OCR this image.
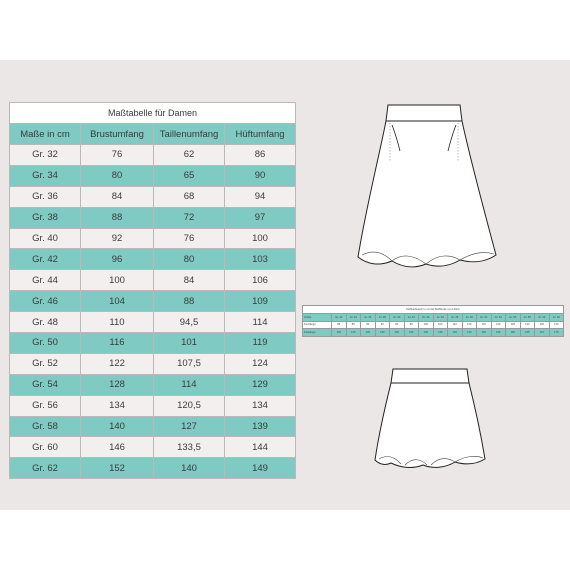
Maßtabelle für Damen			
Maße in cm	Brustumfang	Taillenumfang	Hüftumfang
Gr. 32	76	62	86
Gr. 34	80	65	90
Gr. 36	84	68	94
Gr. 38	88	72	97
Gr. 40	92	76	100
Gr. 42	96	80	103
Gr. 44	100	84	106
Gr. 46	104	88	109
Gr. 48	110	94,5	114
Gr. 50	116	101	119
Gr. 52	122	107,5	124
Gr. 54	128	114	129
Gr. 56	134	120,5	134
Gr. 58	140	127	139
Gr. 60	146	133,5	144
Gr. 62	152	140	149
Stoffverbrauch in cm bei Stoffbreite von 140cm																
Größe	Gr. 32	Gr. 34	Gr. 36	Gr. 38	Gr. 40	Gr. 42	Gr. 44	Gr. 46	Gr. 48	Gr. 50	Gr. 52	Gr. 54	Gr. 56	Gr. 58	Gr. 60	Gr. 62
Kurzlänge	85	85	90	90	90	95	100	100	110	110	115	120	125	130	130	140
Knielänge	125	125	130	130	130	135	135	135	140	145	150	155	160	165	170	175
